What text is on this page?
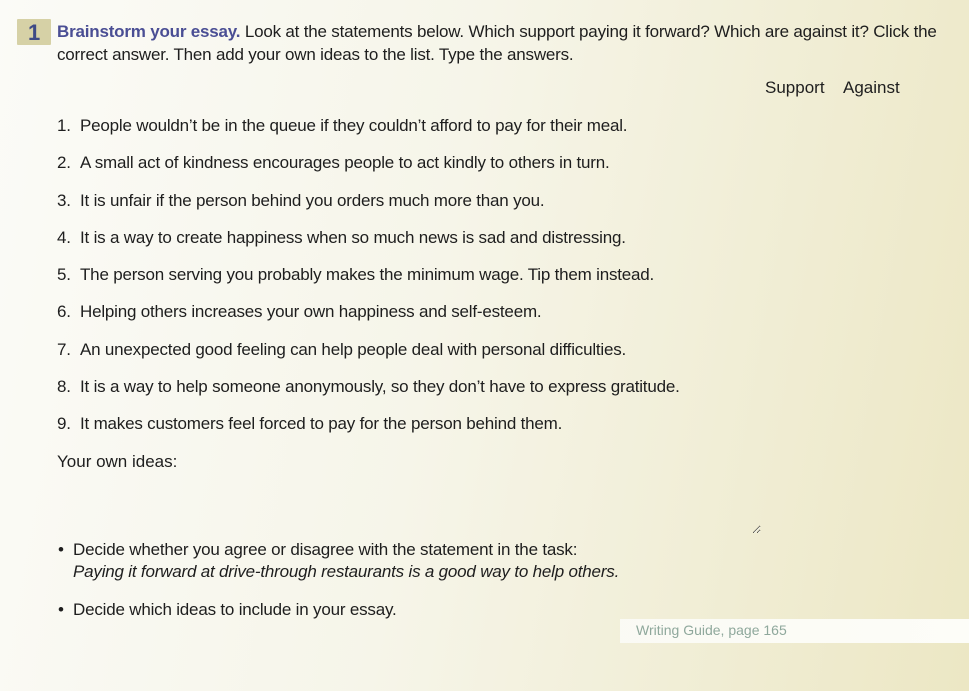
1 Brainstorm your essay. Look at the statements below. Which support paying it forward? Which are against it? Click the correct answer. Then add your own ideas to the list. Type the answers.
Support Against
1. People wouldn’t be in the queue if they couldn’t afford to pay for their meal.
2. A small act of kindness encourages people to act kindly to others in turn.
3. It is unfair if the person behind you orders much more than you.
4. It is a way to create happiness when so much news is sad and distressing.
5. The person serving you probably makes the minimum wage. Tip them instead.
6. Helping others increases your own happiness and self-esteem.
7. An unexpected good feeling can help people deal with personal difficulties.
8. It is a way to help someone anonymously, so they don’t have to express gratitude.
9. It makes customers feel forced to pay for the person behind them.
Your own ideas:
• Decide whether you agree or disagree with the statement in the task:
Paying it forward at drive-through restaurants is a good way to help others.
• Decide which ideas to include in your essay.
Writing Guide, page 165
